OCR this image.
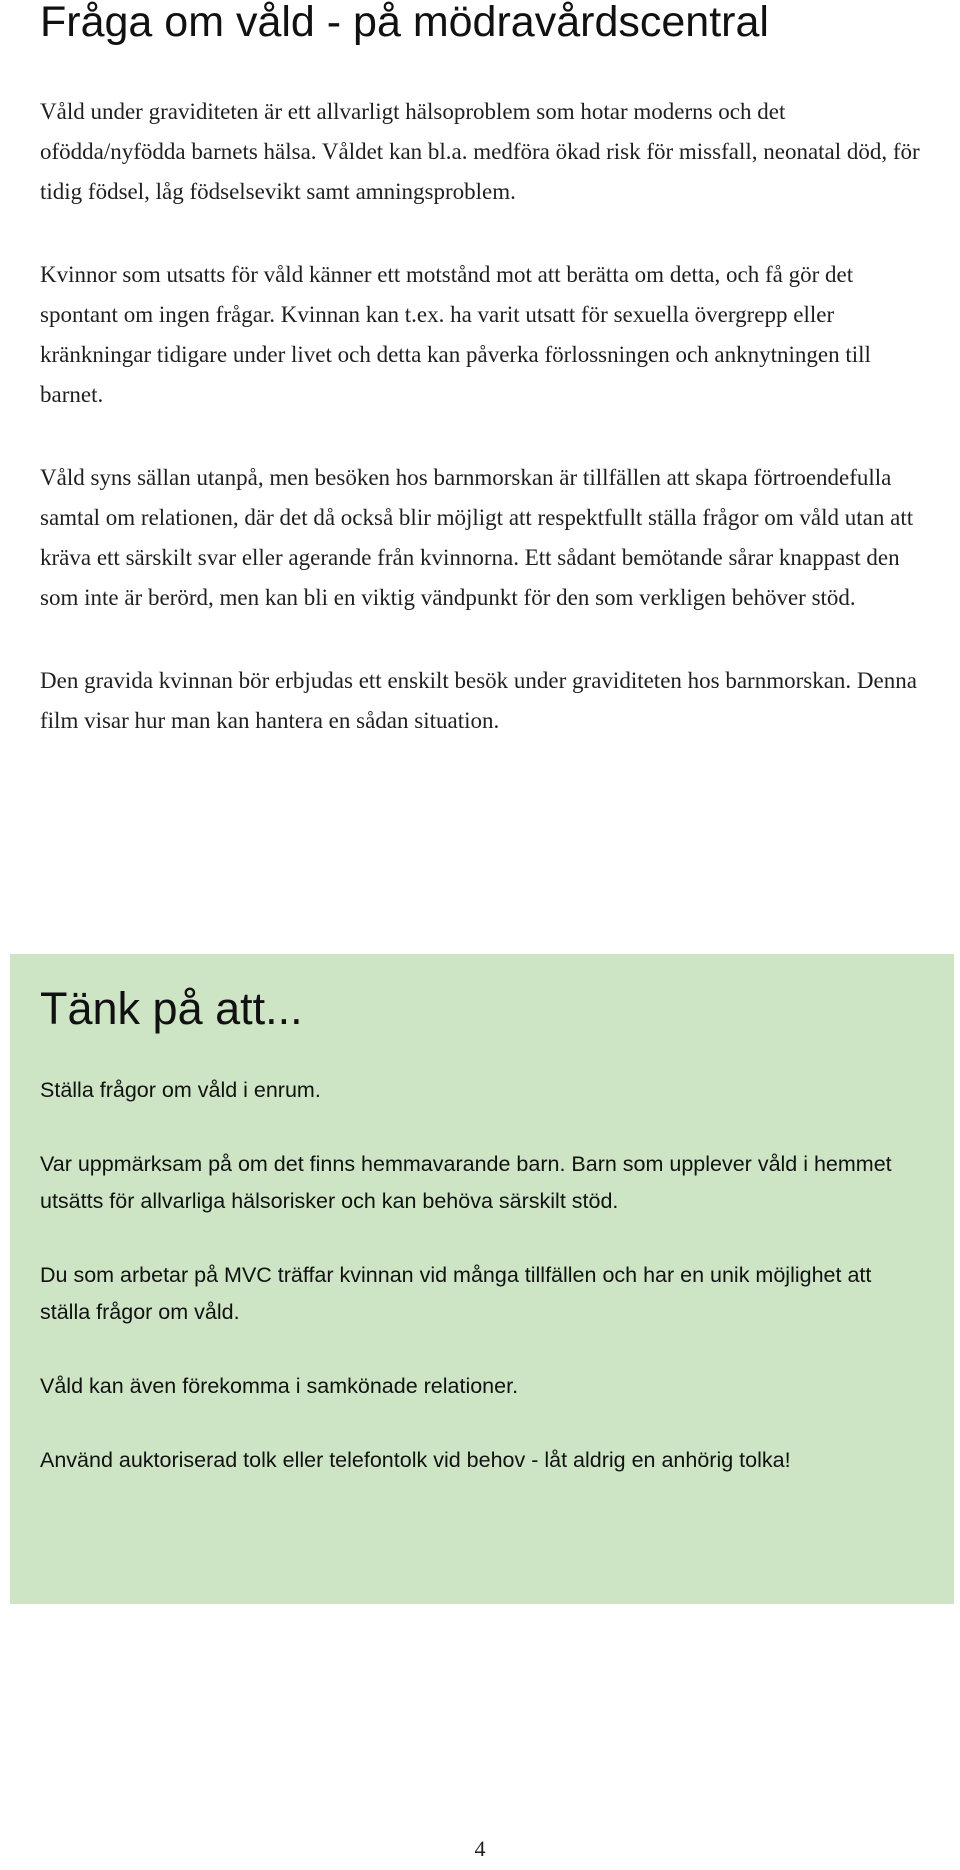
Fråga om våld - på mödravårdscentral

Våld under graviditeten är ett allvarligt hälsoproblem som hotar moderns och det ofödda/nyfödda barnets hälsa. Våldet kan bl.a. medföra ökad risk för missfall, neonatal död, för tidig födsel, låg födselsevikt samt amningsproblem.

Kvinnor som utsatts för våld känner ett motstånd mot att berätta om detta, och få gör det spontant om ingen frågar. Kvinnan kan t.ex. ha varit utsatt för sexuella övergrepp eller kränkningar tidigare under livet och detta kan påverka förlossningen och anknytningen till barnet.

Våld syns sällan utanpå, men besöken hos barnmorskan är tillfällen att skapa förtroendefulla samtal om relationen, där det då också blir möjligt att respektfullt ställa frågor om våld utan att kräva ett särskilt svar eller agerande från kvinnorna. Ett sådant bemötande sårar knappast den som inte är berörd, men kan bli en viktig vändpunkt för den som verkligen behöver stöd.

Den gravida kvinnan bör erbjudas ett enskilt besök under graviditeten hos barnmorskan. Denna film visar hur man kan hantera en sådan situation.

Tänk på att...
Ställa frågor om våld i enrum.
Var uppmärksam på om det finns hemmavarande barn. Barn som upplever våld i hemmet utsätts för allvarliga hälsorisker och kan behöva särskilt stöd.
Du som arbetar på MVC träffar kvinnan vid många tillfällen och har en unik möjlighet att ställa frågor om våld.
Våld kan även förekomma i samkönade relationer.
Använd auktoriserad tolk eller telefontolk vid behov - låt aldrig en anhörig tolka!
4
